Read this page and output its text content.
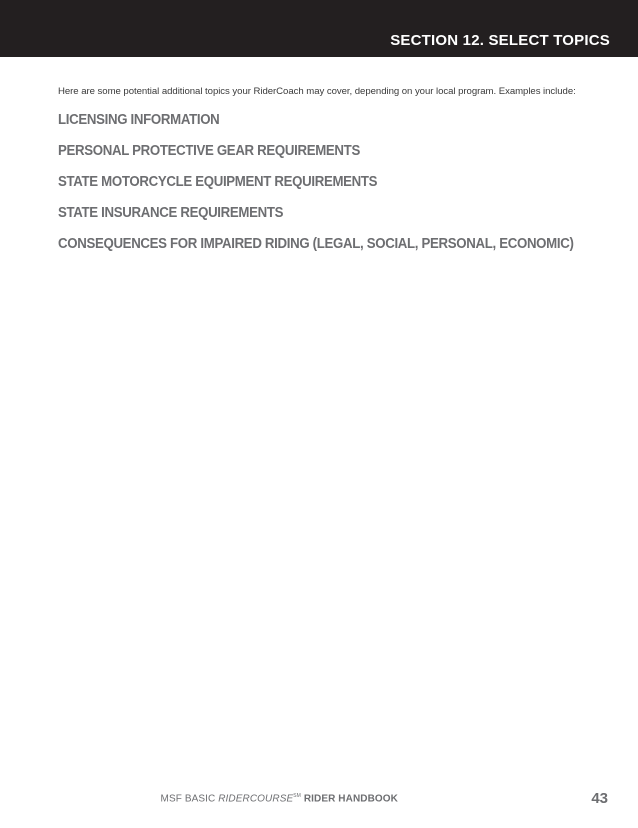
SECTION 12. SELECT TOPICS
Here are some potential additional topics your RiderCoach may cover, depending on your local program. Examples include:
LICENSING INFORMATION
PERSONAL PROTECTIVE GEAR REQUIREMENTS
STATE MOTORCYCLE EQUIPMENT REQUIREMENTS
STATE INSURANCE REQUIREMENTS
CONSEQUENCES FOR IMPAIRED RIDING (LEGAL, SOCIAL, PERSONAL, ECONOMIC)
MSF BASIC RIDERCOURSE℠ RIDER HANDBOOK	43
